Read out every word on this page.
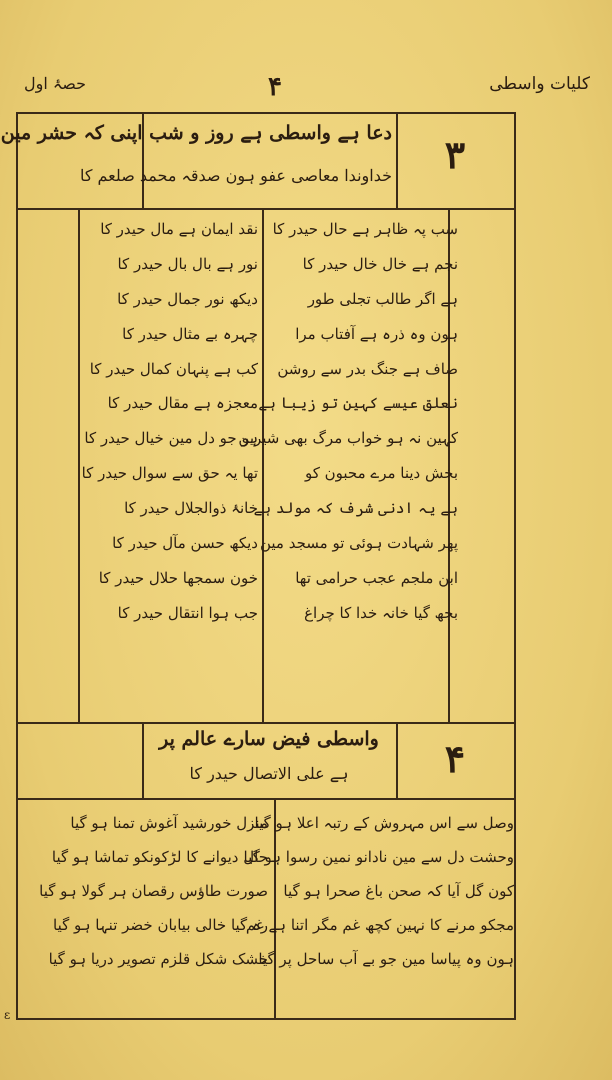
کلیات واسطی
۴
حصۂ اول
۳
دعا ہے واسطی ہے روز و شب اپنی کہ حشر مین
خداوندا معاصی عفو ہون صدقہ محمد صلعم کا
سب پہ ظاہر ہے حال حیدر کا
نجم ہے خال خال حیدر کا
ہے اگر طالب تجلی طور
ہون وہ ذرہ ہے آفتاب مرا
صاف ہے جنگ بدر سے روشن
نعلق عیسے کہین تو زیبا ہے
کہین نہ ہو خواب مرگ بھی شیرین
بخش دینا مرے محبون کو
ہے یہ ادنی شرف کہ مولد ہے
پھر شہادت ہوئی تو مسجد مین
ابن ملجم عجب حرامی تھا
بجھ گیا خانہ خدا کا چراغ
نقد ایمان ہے مال حیدر کا
نور ہے بال بال حیدر کا
دیکھ نور جمال حیدر کا
چہرہ بے مثال حیدر کا
کب ہے پنہان کمال حیدر کا
معجزہ ہے مقال حیدر کا
ہو جو دل مین خیال حیدر کا
تھا یہ حق سے سوال حیدر کا
خانۂ ذوالجلال حیدر کا
دیکھ حسن مآل حیدر کا
خون سمجھا حلال حیدر کا
جب ہوا انتقال حیدر کا
۴
واسطی فیض سارے عالم پر
ہے علی الاتصال حیدر کا
وصل سے اس مہروش کے رتبہ اعلا ہو گیا
وحشت دل سے مین نادانو نمین رسوا ہو گیا
کون گل آیا کہ صحن باغ صحرا ہو گیا
مجکو مرنے کا نہین کچھ غم مگر اتنا ہے غم
ہون وہ پیاسا مین جو بے آب ساحل پر گیا
منزل خورشید آغوش تمنا ہو گیا
حال دیوانے کا لڑکونکو تماشا ہو گیا
صورت طاؤس رقصان ہر گولا ہو گیا
رہ گیا خالی بیابان خضر تنہا ہو گیا
خشک شکل قلزم تصویر دریا ہو گیا
ε
